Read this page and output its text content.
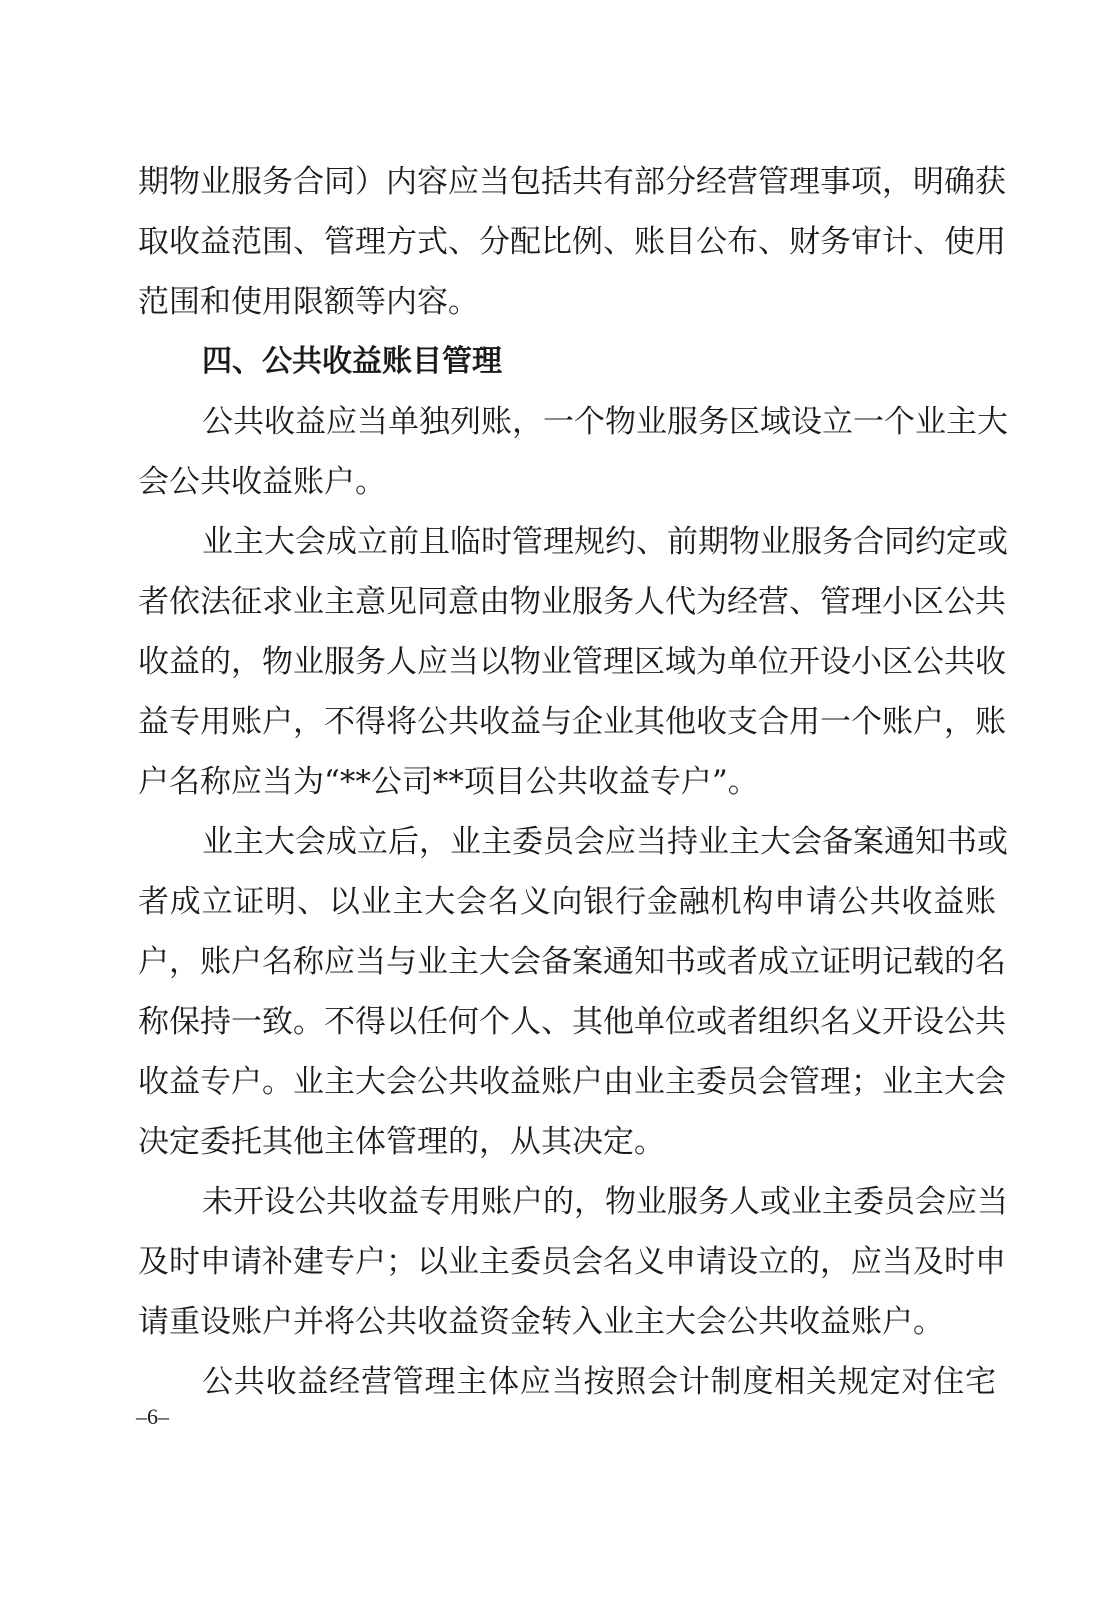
期物业服务合同）内容应当包括共有部分经营管理事项，明确获
取收益范围、管理方式、分配比例、账目公布、财务审计、使用
范围和使用限额等内容。
四、公共收益账目管理
公共收益应当单独列账，一个物业服务区域设立一个业主大
会公共收益账户。
业主大会成立前且临时管理规约、前期物业服务合同约定或
者依法征求业主意见同意由物业服务人代为经营、管理小区公共
收益的，物业服务人应当以物业管理区域为单位开设小区公共收
益专用账户，不得将公共收益与企业其他收支合用一个账户，账
户名称应当为“**公司**项目公共收益专户”。
业主大会成立后，业主委员会应当持业主大会备案通知书或
者成立证明、以业主大会名义向银行金融机构申请公共收益账
户，账户名称应当与业主大会备案通知书或者成立证明记载的名
称保持一致。不得以任何个人、其他单位或者组织名义开设公共
收益专户。业主大会公共收益账户由业主委员会管理；业主大会
决定委托其他主体管理的，从其决定。
未开设公共收益专用账户的，物业服务人或业主委员会应当
及时申请补建专户；以业主委员会名义申请设立的，应当及时申
请重设账户并将公共收益资金转入业主大会公共收益账户。
公共收益经营管理主体应当按照会计制度相关规定对住宅
–6–
